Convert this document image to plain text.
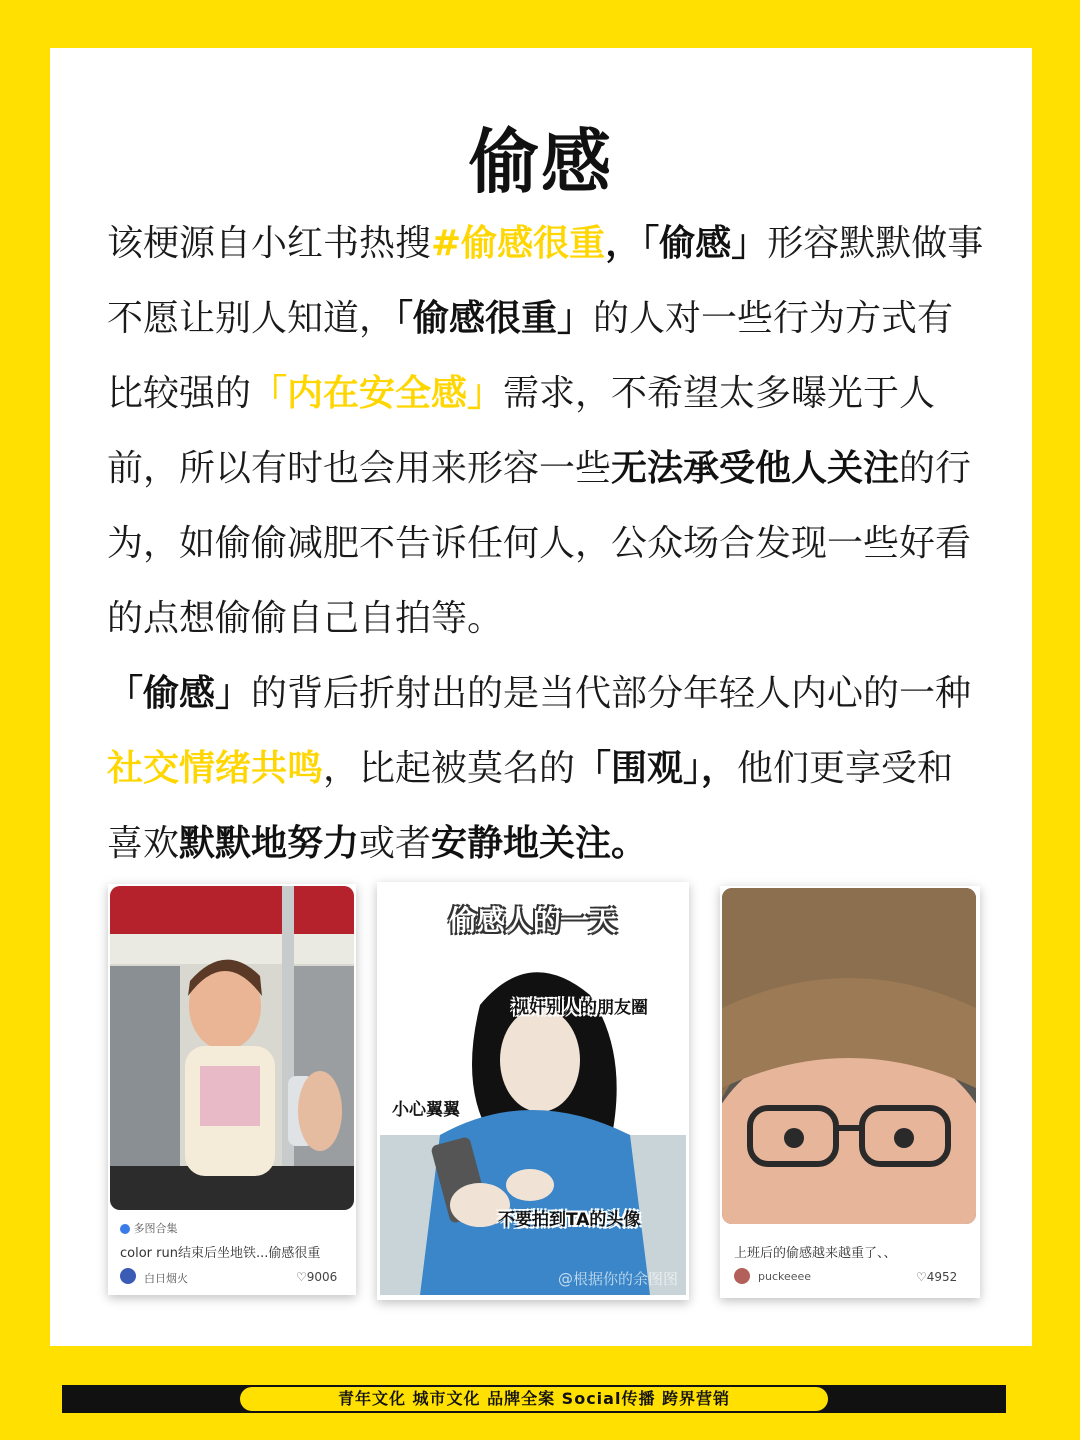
偷感
该梗源自小红书热搜#偷感很重，「偷感」形容默默做事不愿让别人知道，「偷感很重」的人对一些行为方式有比较强的「内在安全感」需求，不希望太多曝光于人前，所以有时也会用来形容一些无法承受他人关注的行为，如偷偷减肥不告诉任何人，公众场合发现一些好看的点想偷偷自己自拍等。
「偷感」的背后折射出的是当代部分年轻人内心的一种社交情绪共鸣，比起被莫名的「围观」，他们更享受和喜欢默默地努力或者安静地关注。
多图合集
color run结束后坐地铁...偷感很重
白日烟火	♡9006
偷感人的一天
视奸别人的朋友圈
小心翼翼
不要拍到TA的头像
@根据你的余图图
上班后的偷感越来越重了、、
puckeeee	♡4952
青年文化 城市文化 品牌全案 Social传播 跨界营销
